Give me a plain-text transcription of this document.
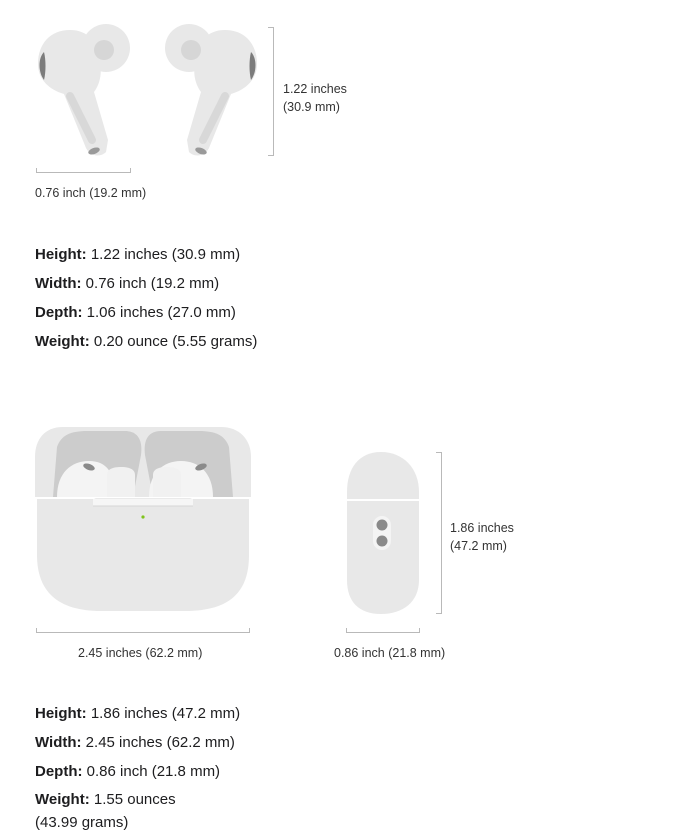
1.22 inches
(30.9 mm)
0.76 inch (19.2 mm)
Height: 1.22 inches (30.9 mm)
Width: 0.76 inch (19.2 mm)
Depth: 1.06 inches (27.0 mm)
Weight: 0.20 ounce (5.55 grams)
2.45 inches (62.2 mm)	0.86 inch (21.8 mm)
1.86 inches
(47.2 mm)
Height: 1.86 inches (47.2 mm)
Width: 2.45 inches (62.2 mm)
Depth: 0.86 inch (21.8 mm)
Weight: 1.55 ounces
(43.99 grams)
